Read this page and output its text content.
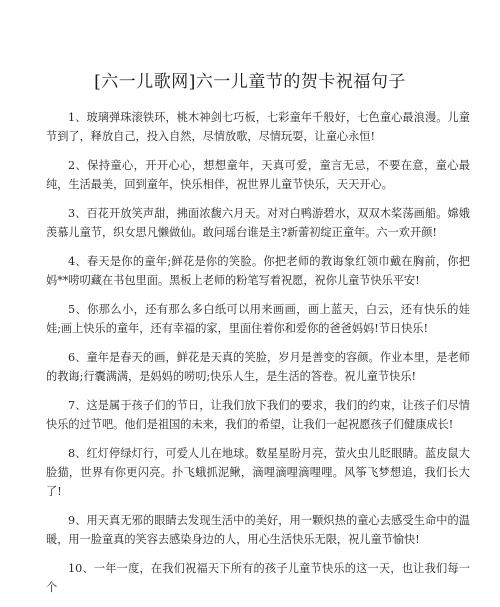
[六一儿歌网]六一儿童节的贺卡祝福句子

1、玻璃弹珠滚铁环，桃木神剑七巧板，七彩童年千般好，七色童心最浪漫。儿童节到了，释放自己，投入自然，尽情放歌，尽情玩耍，让童心永恒!

2、保持童心，开开心心，想想童年，天真可爱，童言无忌，不要在意，童心最纯，生活最美，回到童年，快乐相伴，祝世界儿童节快乐，天天开心。

3、百花开放笑声甜，拂面浓馥六月天。对对白鸭游碧水，双双木桨荡画船。嫦娥羡慕儿童节，织女思凡懒做仙。敢问瑶台谁是主?新蕾初绽正童年。六一欢开颜!

4、春天是你的童年;鲜花是你的笑脸。你把老师的教诲象红领巾戴在胸前，你把妈**唠叨藏在书包里面。黑板上老师的粉笔写着祝愿，祝你儿童节快乐平安!

5、你那么小，还有那么多白纸可以用来画画，画上蓝天，白云，还有快乐的娃娃;画上快乐的童年，还有幸福的家，里面住着你和爱你的爸爸妈妈!节日快乐!

6、童年是春天的画，鲜花是天真的笑脸，岁月是善变的容颜。作业本里，是老师的教诲;行囊满满，是妈妈的唠叨;快乐人生，是生活的答卷。祝儿童节快乐!

7、这是属于孩子们的节日，让我们放下我们的要求，我们的约束，让孩子们尽情快乐的过节吧。他们是祖国的未来，我们的希望，让我们一起祝愿孩子们健康成长!

8、红灯停绿灯行，可爱人儿在地球。数星星盼月亮，萤火虫儿眨眼睛。蓝皮鼠大脸猫，世界有你更闪亮。扑飞蛾抓泥鳅，滴哩滴哩滴哩哩。风筝飞梦想追，我们长大了!

9、用天真无邪的眼睛去发现生活中的美好，用一颗炽热的童心去感受生命中的温暖，用一脸童真的笑容去感染身边的人，用心生活快乐无限，祝儿童节愉快!

10、一年一度，在我们祝福天下所有的孩子儿童节快乐的这一天，也让我们每一个
